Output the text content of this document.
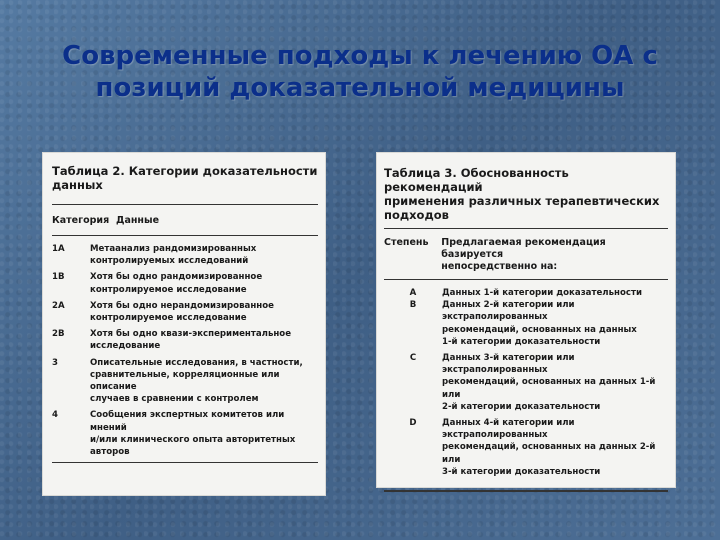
Современные подходы к лечению ОА с
позиций доказательной медицины
Таблица 2. Категории доказательности данных
Категория Данные
1A	Метаанализ рандомизированных
контролируемых исследований
1B	Хотя бы одно рандомизированное
контролируемое исследование
2A	Хотя бы одно нерандомизированное
контролируемое исследование
2B	Хотя бы одно квази-экспериментальное
исследование
3	Описательные исследования, в частности,
сравнительные, корреляционные или описание
случаев в сравнении с контролем
4	Сообщения экспертных комитетов или мнений
и/или клинического опыта авторитетных авторов
Таблица 3. Обоснованность рекомендаций
применения различных терапевтических подходов
Степень	Предлагаемая рекомендация базируется
непосредственно на:
A	Данных 1-й категории доказательности
B	Данных 2-й категории или экстраполированных
рекомендаций, основанных на данных
1-й категории доказательности
C	Данных 3-й категории или экстраполированных
рекомендаций, основанных на данных 1-й или
2-й категории доказательности
D	Данных 4-й категории или экстраполированных
рекомендаций, основанных на данных 2-й или
3-й категории доказательности
